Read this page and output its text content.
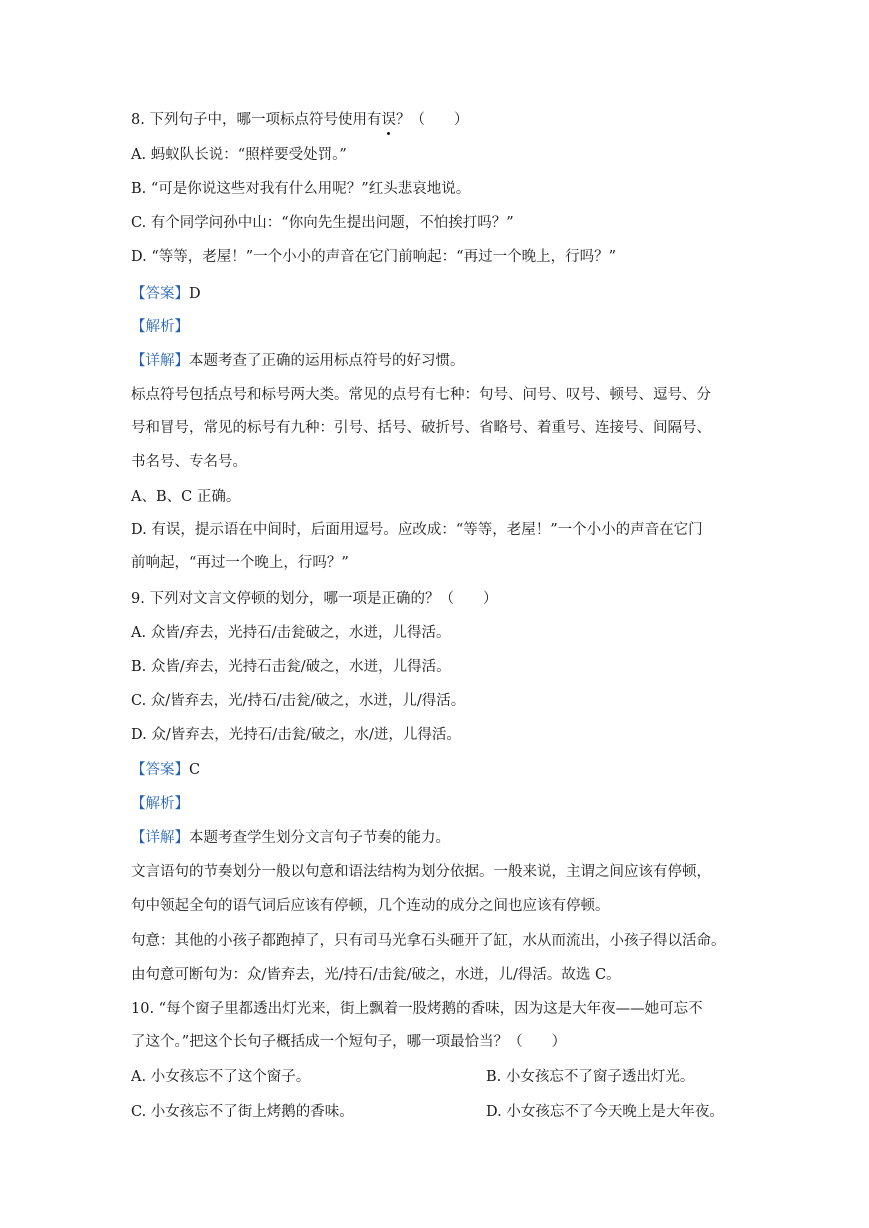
8. 下列句子中，哪一项标点符号使用有误
？（　　）
A. 蚂蚁队长说：“照样要受处罚。”
B. “可是你说这些对我有什么用呢？”红头悲哀地说。
C. 有个同学问孙中山：“你向先生提出问题，不怕挨打吗？”
D. “等等，老屋！”一个小小的声音在它门前响起：“再过一个晚上，行吗？”
【答案】D
【解析】
【详解】本题考查了正确的运用标点符号的好习惯。
标点符号包括点号和标号两大类。常见的点号有七种：句号、问号、叹号、顿号、逗号、分
号和冒号，常见的标号有九种：引号、括号、破折号、省略号、着重号、连接号、间隔号、
书名号、专名号。
A、B、C 正确。
D. 有误，提示语在中间时，后面用逗号。应改成：“等等，老屋！”一个小小的声音在它门
前响起，“再过一个晚上，行吗？”
9. 下列对文言文停顿的划分，哪一项是正确的？（　　）
A. 众皆/弃去，光持石/击瓮破之，水迸，儿得活。
B. 众皆/弃去，光持石击瓮/破之，水迸，儿得活。
C. 众/皆弃去，光/持石/击瓮/破之，水迸，儿/得活。
D. 众/皆弃去，光持石/击瓮/破之，水/迸，儿得活。
【答案】C
【解析】
【详解】本题考查学生划分文言句子节奏的能力。
文言语句的节奏划分一般以句意和语法结构为划分依据。一般来说，主谓之间应该有停顿，
句中领起全句的语气词后应该有停顿，几个连动的成分之间也应该有停顿。
句意：其他的小孩子都跑掉了，只有司马光拿石头砸开了缸，水从而流出，小孩子得以活命。
由句意可断句为：众/皆弃去，光/持石/击瓮/破之，水迸，儿/得活。故选 C。
10. “每个窗子里都透出灯光来，街上飘着一股烤鹅的香味，因为这是大年夜——她可忘不
了这个。”把这个长句子概括成一个短句子，哪一项最恰当？（　　）
A. 小女孩忘不了这个窗子。	B. 小女孩忘不了窗子透出灯光。
C. 小女孩忘不了街上烤鹅的香味。	D. 小女孩忘不了今天晚上是大年夜。
